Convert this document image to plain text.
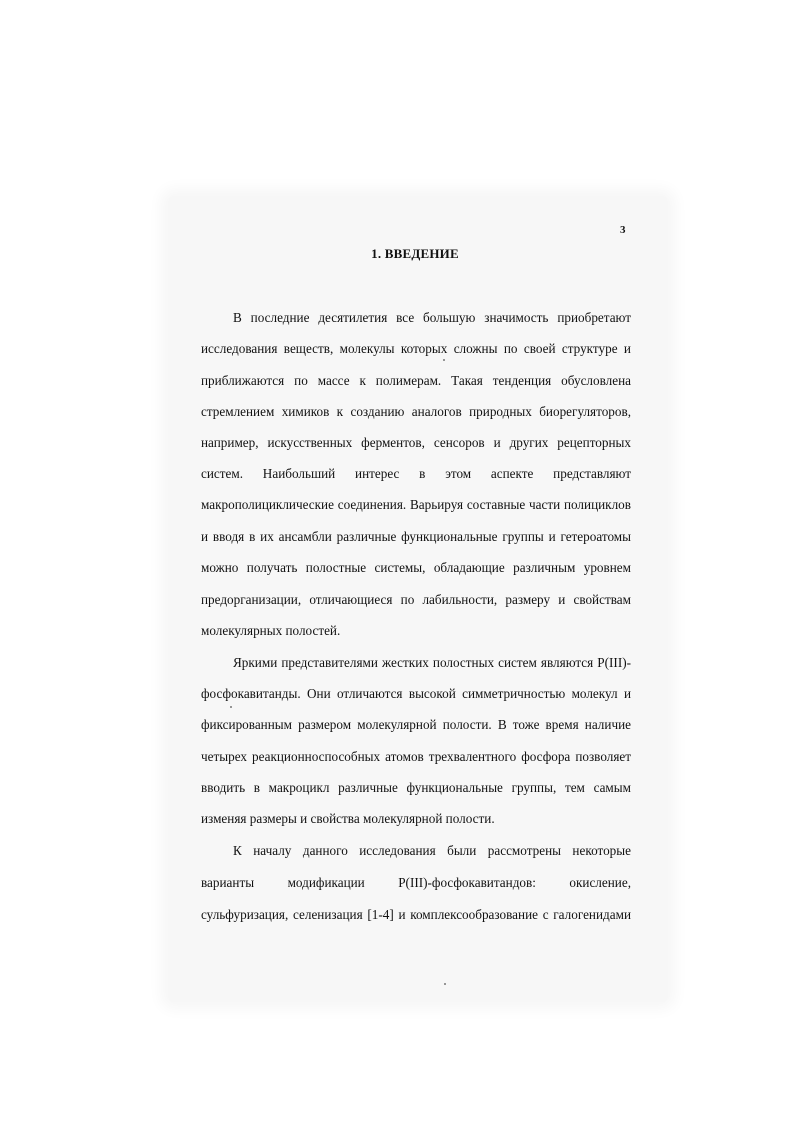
3
1. ВВЕДЕНИЕ
В последние десятилетия все большую значимость приобретают
исследования веществ, молекулы которых сложны по своей структуре и
приближаются по массе к полимерам. Такая тенденция обусловлена
стремлением химиков к созданию аналогов природных биорегуляторов,
например, искусственных ферментов, сенсоров и других рецепторных
систем. Наибольший интерес в этом аспекте представляют
макрополициклические соединения. Варьируя составные части полициклов
и вводя в их ансамбли различные функциональные группы и гетероатомы
можно получать полостные системы, обладающие различным уровнем
предорганизации, отличающиеся по лабильности, размеру и свойствам
молекулярных полостей.
Яркими представителями жестких полостных систем являются Р(III)-
фосфокавитанды. Они отличаются высокой симметричностью молекул и
фиксированным размером молекулярной полости. В тоже время наличие
четырех реакционноспособных атомов трехвалентного фосфора позволяет
вводить в макроцикл различные функциональные группы, тем самым
изменяя размеры и свойства молекулярной полости.
К началу данного исследования были рассмотрены некоторые
варианты модификации Р(III)-фосфокавитандов: окисление,
сульфуризация, селенизация [1-4] и комплексообразование с галогенидами
